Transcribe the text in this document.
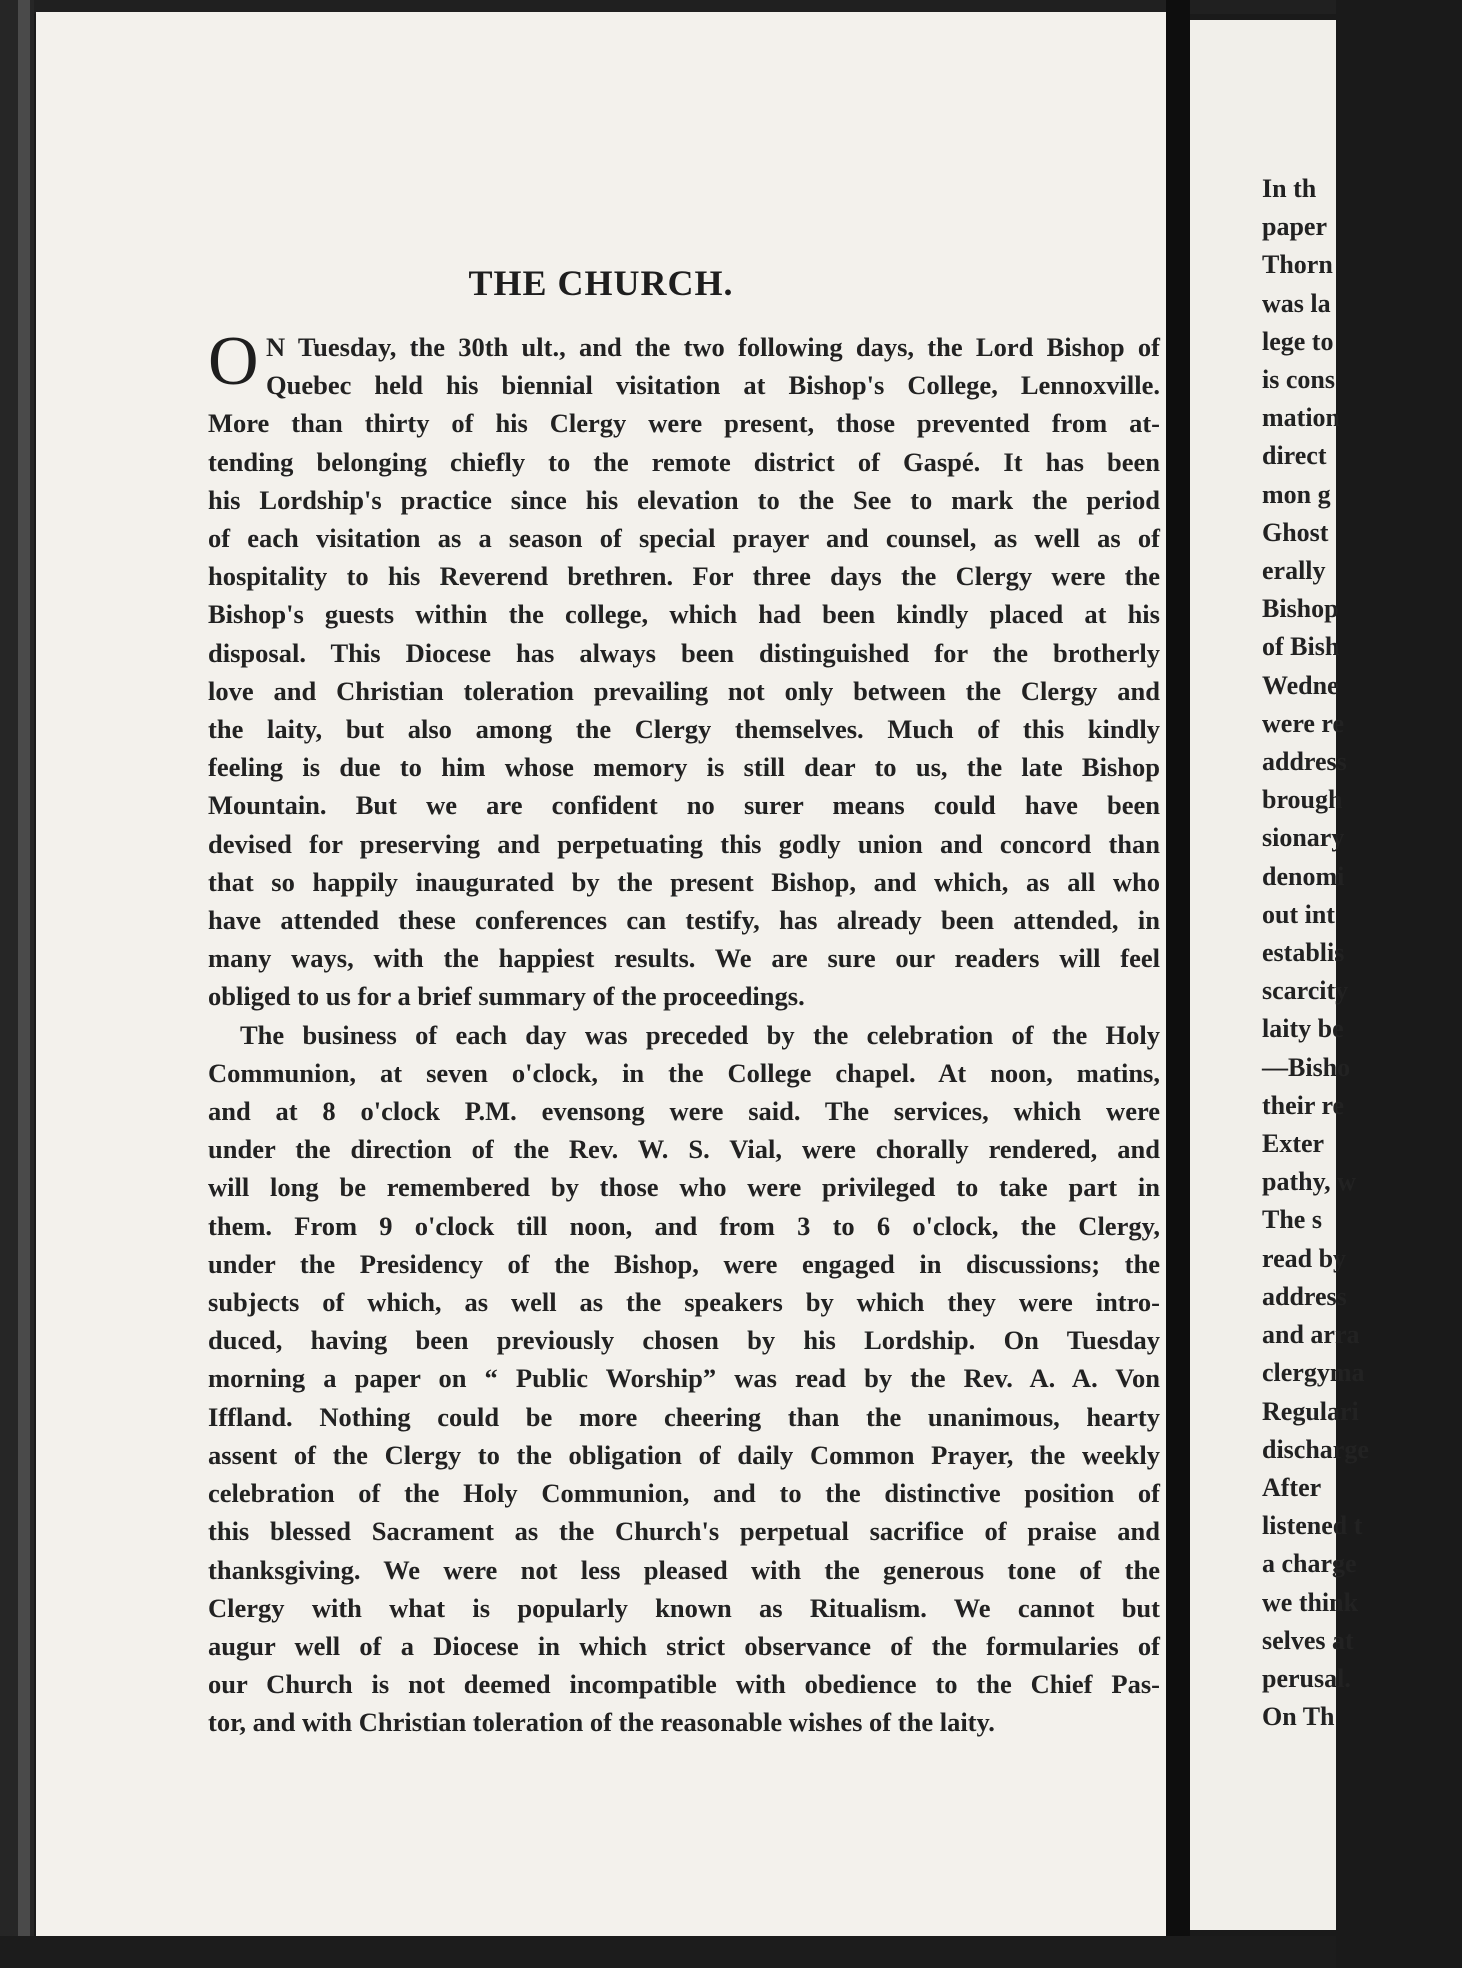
THE CHURCH.

O N Tuesday, the 30th ult., and the two following days, the Lord Bishop of
Quebec held his biennial visitation at Bishop's College, Lennoxville.
More than thirty of his Clergy were present, those prevented from at-
tending belonging chiefly to the remote district of Gaspé. It has been
his Lordship's practice since his elevation to the See to mark the period
of each visitation as a season of special prayer and counsel, as well as of
hospitality to his Reverend brethren. For three days the Clergy were the
Bishop's guests within the college, which had been kindly placed at his
disposal. This Diocese has always been distinguished for the brotherly
love and Christian toleration prevailing not only between the Clergy and
the laity, but also among the Clergy themselves. Much of this kindly
feeling is due to him whose memory is still dear to us, the late Bishop
Mountain. But we are confident no surer means could have been
devised for preserving and perpetuating this godly union and concord than
that so happily inaugurated by the present Bishop, and which, as all who
have attended these conferences can testify, has already been attended, in
many ways, with the happiest results. We are sure our readers will feel
obliged to us for a brief summary of the proceedings.

The business of each day was preceded by the celebration of the Holy
Communion, at seven o'clock, in the College chapel. At noon, matins,
and at 8 o'clock P.M. evensong were said. The services, which were
under the direction of the Rev. W. S. Vial, were chorally rendered, and
will long be remembered by those who were privileged to take part in
them. From 9 o'clock till noon, and from 3 to 6 o'clock, the Clergy,
under the Presidency of the Bishop, were engaged in discussions; the
subjects of which, as well as the speakers by which they were intro-
duced, having been previously chosen by his Lordship. On Tuesday
morning a paper on “ Public Worship” was read by the Rev. A. A. Von
Iffland. Nothing could be more cheering than the unanimous, hearty
assent of the Clergy to the obligation of daily Common Prayer, the weekly
celebration of the Holy Communion, and to the distinctive position of
this blessed Sacrament as the Church's perpetual sacrifice of praise and
thanksgiving. We were not less pleased with the generous tone of the
Clergy with what is popularly known as Ritualism. We cannot but
augur well of a Diocese in which strict observance of the formularies of
our Church is not deemed incompatible with obedience to the Chief Pas-
tor, and with Christian toleration of the reasonable wishes of the laity.

In th
paper
Thorn
was la
lege to
is cons
mation
direct
mon g
Ghost
erally
Bishop
of Bish
Wedne
were re
address
brough
sionary
denomi
out int
establis
scarcity
laity be
—Bisho
their re
Exter
pathy, w
The s
read by
address
and arra
clergyma
Regulari
discharge
After
listened t
a charge
we think
selves at
perusal.
On Th
